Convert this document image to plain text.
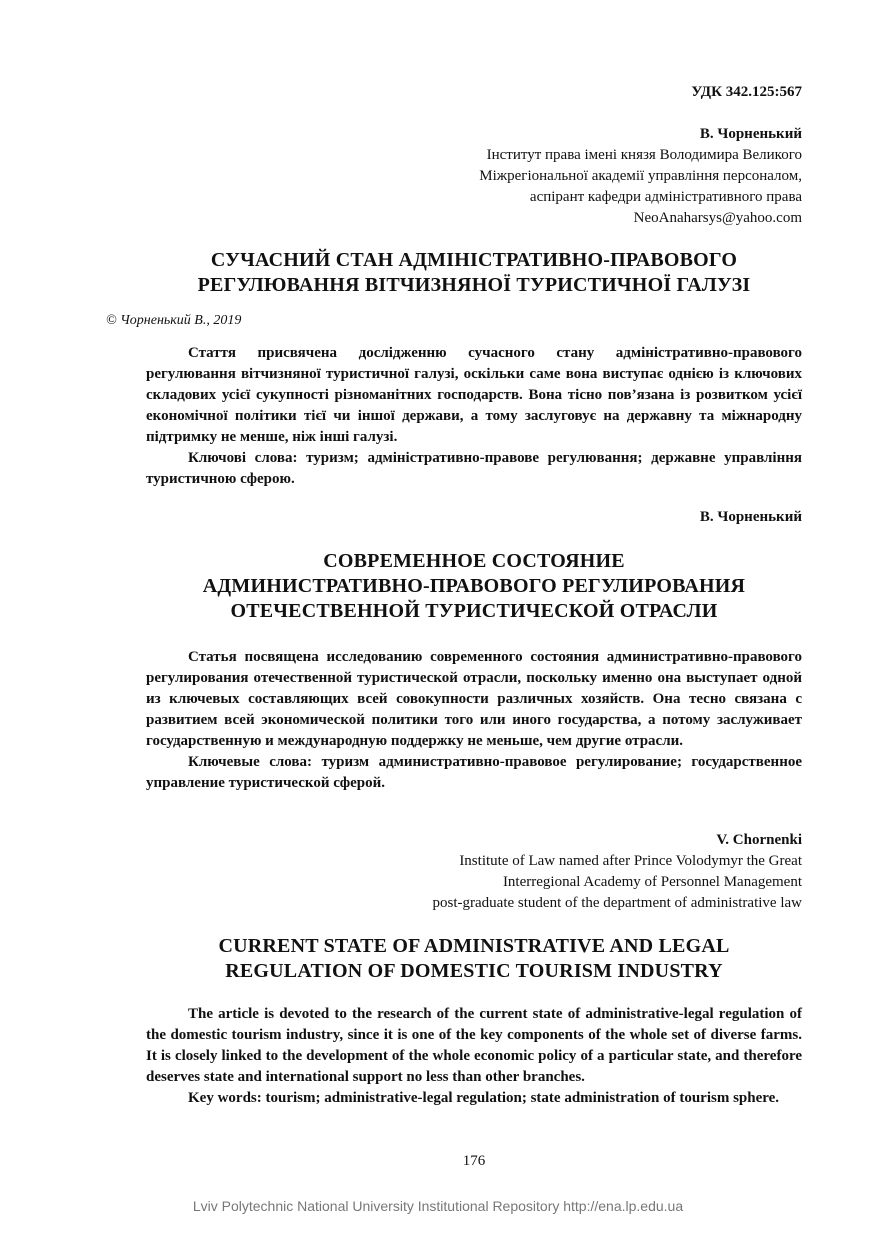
УДК 342.125:567
В. Чорненький
Інститут права імені князя Володимира Великого
Міжрегіональної академії управління персоналом,
аспірант кафедри адміністративного права
NeoAnaharsys@yahoo.com
СУЧАСНИЙ СТАН АДМІНІСТРАТИВНО-ПРАВОВОГО
РЕГУЛЮВАННЯ ВІТЧИЗНЯНОЇ ТУРИСТИЧНОЇ ГАЛУЗІ
© Чорненький В., 2019

Стаття присвячена дослідженню сучасного стану адміністративно-правового регулювання вітчизняної туристичної галузі, оскільки саме вона виступає однією із ключових складових усієї сукупності різноманітних господарств. Вона тісно пов’язана із розвитком усієї економічної політики тієї чи іншої держави, а тому заслуговує на державну та міжнародну підтримку не менше, ніж інші галузі.

Ключові слова: туризм; адміністративно-правове регулювання; державне управління туристичною сферою.

В. Чорненький
СОВРЕМЕННОЕ СОСТОЯНИЕ
АДМИНИСТРАТИВНО-ПРАВОВОГО РЕГУЛИРОВАНИЯ
ОТЕЧЕСТВЕННОЙ ТУРИСТИЧЕСКОЙ ОТРАСЛИ

Статья посвящена исследованию современного состояния административно-правового регулирования отечественной туристической отрасли, поскольку именно она выступает одной из ключевых составляющих всей совокупности различных хозяйств. Она тесно связана с развитием всей экономической политики того или иного государства, а потому заслуживает государственную и международную поддержку не меньше, чем другие отрасли.

Ключевые слова: туризм административно-правовое регулирование; государственное управление туристической сферой.

V. Chornenki
Institute of Law named after Prince Volodymyr the Great
Interregional Academy of Personnel Management
post-graduate student of the department of administrative law
CURRENT STATE OF ADMINISTRATIVE AND LEGAL
REGULATION OF DOMESTIC TOURISM INDUSTRY

The article is devoted to the research of the current state of administrative-legal regulation of the domestic tourism industry, since it is one of the key components of the whole set of diverse farms. It is closely linked to the development of the whole economic policy of a particular state, and therefore deserves state and international support no less than other branches.

Key words: tourism; administrative-legal regulation; state administration of tourism sphere.

176
Lviv Polytechnic National University Institutional Repository http://ena.lp.edu.ua
